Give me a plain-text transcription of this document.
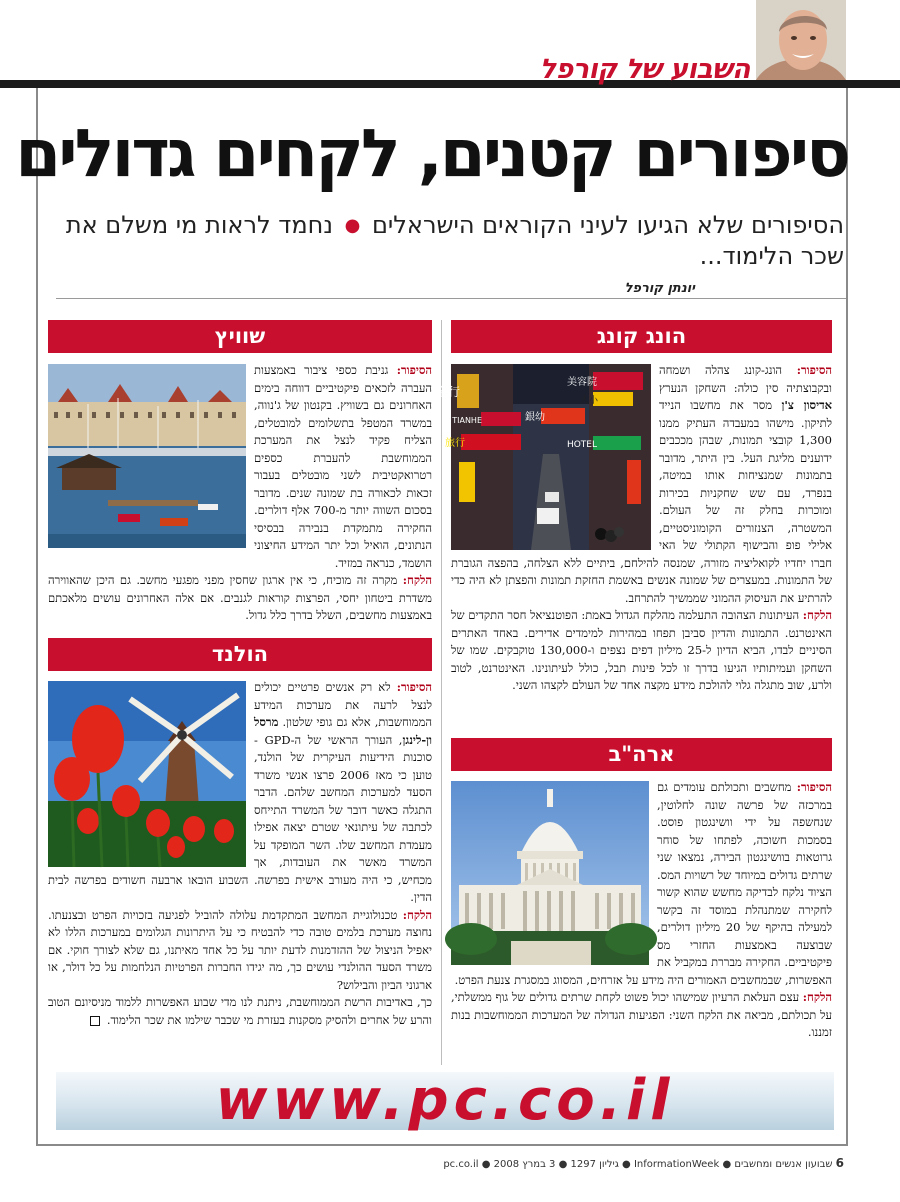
השבוע של קורפל
סיפורים קטנים, לקחים גדולים
הסיפורים שלא הגיעו לעיני הקוראים הישראלים ● נחמד לראות מי משלם את שכר הלימוד...
יונתן קורפל
הונג קונג
金行
TIANHE
美容院
大小
銀幼
旅行	HOTEL

הסיפור: הונג-קונג צהלה ושמחה ובקבוצתיה סין כולה: השחקן הנערץ אדיסון צ'ן מסר את מחשבו הנייד לתיקון. מישהו במעבדה העתיק ממנו 1,300 קובצי תמונות, שבהן מככבים ידוענים מליגת העל. בין היתר, מדובר בתמונות שמנציחות אותו במיטה, בנפרד, עם שש שחקניות בכירות ומוכרות בחלק זה של העולם. המשטרה, הצנזורים הקומוניסטיים, אלילי פופ והבישוף הקתולי של האי חברו יחדיו לקואליציה מזורה, שמנסה להילחם, ביתיים ללא הצלחה, בהפצה הגוברת של התמונות. במעצרים של שמונה אנשים באשמת החזקת תמונות והפצתן לא היה כדי להרתיע את העיסוק ההמוני שממשיך להתרחב.

הלקח: העיתונות הצהובה התעלמה מהלקח הגדול באמת: הפוטנציאל חסר התקדים של האינטרנט. התמונות והדיון סביבן תפחו במהירות למימדים אדירים. באחד האתרים הסיניים לבדו, הביא הדיון ל-25 מיליון דפים נצפים ו-130,000 טוקבקים. שמו של השחקן ועמיתותיו הגיעו בדרך זו לכל פינות תבל, כולל לעיתונינו. האינטרנט, לטוב ולרע, שוב מתגלה גלוי להולכת מידע מקצה אחד של העולם לקצהו השני.

ארה"ב

הסיפור: מחשבים ותכולתם עומדים גם במרכזה של פרשה שונה לחלוטין, שנחשפה על ידי וושינגטון פוסט. בסמכות חשוכה, לפתחו של סוחר גרוטאות בוושינגטון הבירה, נמצאו שני שרתים גדולים במיוחד של רשויות המס. הציוד נלקח לבדיקה מחשש שהוא קשור לחקירה שמתנהלת במוסד זה בקשר למעילה בהיקף של 20 מיליון דולרים, שבוצעה באמצעות החזרי מס פיקטיביים. החקירה מבררת במקביל את האפשרות, שבמחשבים האמורים היה מידע על אזרחים, המסווג במסגרת צנעת הפרט.

הלקח: עצם העלאת הרעיון שמישהו יכול פשוט לקחת שרתים גדולים של גוף ממשלתי, על תכולתם, מביאה את הלקח השני: הפגיעות הגדולה של המערכות הממוחשבות בנות זמננו.

שוויץ

הסיפור: גניבת כספי ציבור באמצעות העברה לזכאים פיקטיביים דווחה בימים האחרונים גם בשוויץ. בקנטון של ג'נווה, במשרד המטפל בתשלומים למובטלים, הצליח פקיד לנצל את המערכת הממוחשבת להעברת כספים רטרואקטיבית לשני מובטלים בעבור זכאות לכאורה בת שמונה שנים. מדובר בסכום השווה יותר מ-700 אלף דולרים. החקירה מתמקדת בנבירה בבסיסי הנתונים, הואיל וכל יתר המידע החיצוני הושמד, כנראה במזיד.

הלקח: מקרה זה מוכיח, כי אין ארגון שחסין מפני מפגעי מחשב. גם היכן שהאווירה משדרת ביטחון יחסי, הפרצות קוראות לגנבים. אם אלה האחרונים עושים מלאכתם באמצעות מחשבים, השלל בדרך כלל גדול.

הולנד

הסיפור: לא רק אנשים פרטיים יכולים לנצל לרעה את מערכות המידע הממוחשבות, אלא גם גופי שלטון. מרסל ון-לינגן, העורך הראשי של ה-GPD - סוכנות הידיעות העיקרית של הולנד, טוען כי מאז 2006 פרצו אנשי משרד הסעד למערכות המחשב שלהם. הדבר התגלה כאשר דובר של המשרד התייחס לכתבה של עיתונאי שטרם יצאה אפילו מעמדת המחשב שלו. השר המופקד על המשרד מאשר את העובדות, אך מכחיש, כי היה מעורב אישית בפרשה. השבוע הובאו ארבעה חשודים בפרשה לבית הדין.

הלקח: טכנולוגיית המחשב המתקדמת עלולה להוביל לפגיעה בזכויות הפרט ובצנעתו. נחוצה מערכת בלמים טובה כדי להבטיח כי על היתרונות הגלומים במערכות הללו לא יאפיל הניצול של ההזדמנות לדעת יותר על כל אחד מאיתנו, גם שלא לצורך חוקי. אם משרד הסעד ההולנדי עושים כך, מה יגידו החברות הפרטיות הנלחמות על כל דולר, או ארגוני הביון והבילוש?

כך, באדיבות הרשת הממוחשבת, ניתנת לנו מדי שבוע האפשרות ללמוד מניסיונם הטוב והרע של אחרים ולהסיק מסקנות בעזרת מי שכבר שילמו את שכר הלימוד.

www.pc.co.il
6 שבועון אנשים ומחשבים ● InformationWeek ● גיליון 1297 ● 3 במרץ 2008 ● pc.co.il
